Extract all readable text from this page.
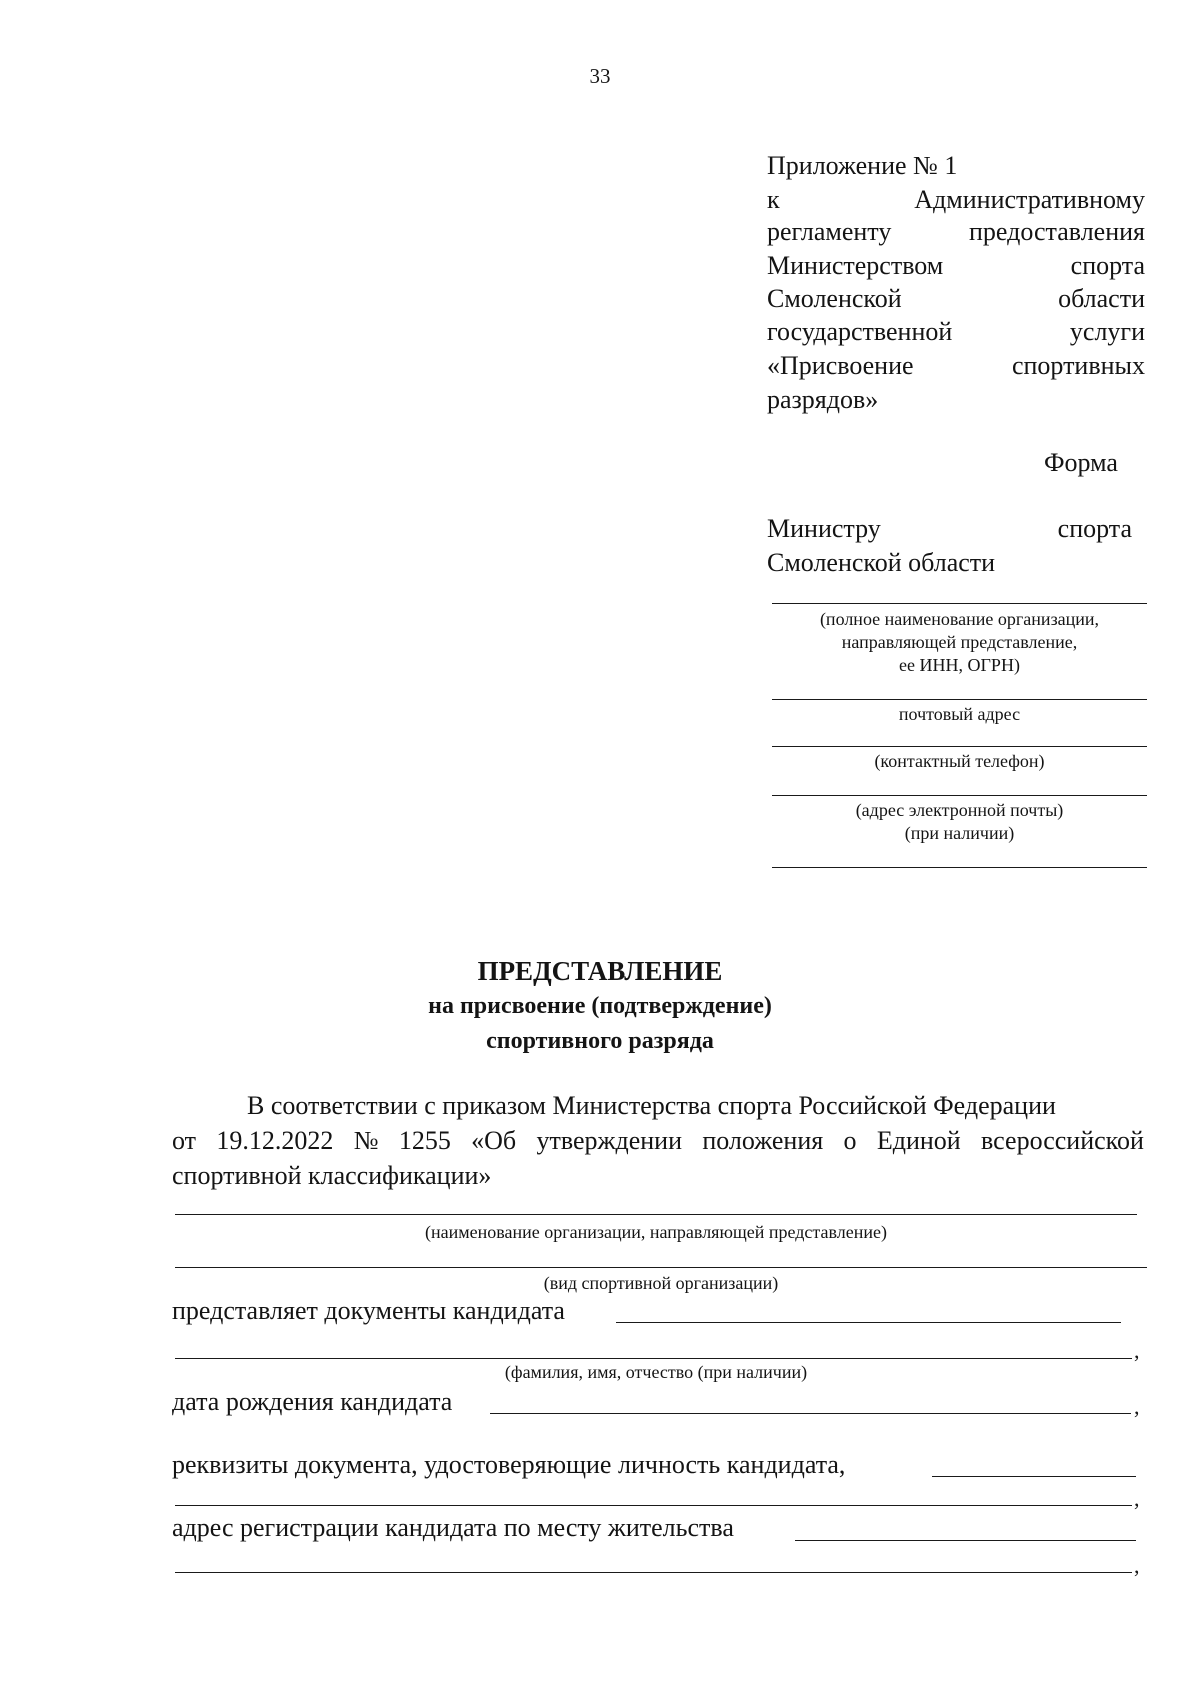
33
Приложение № 1
к	Административному
регламенту	предоставления
Министерством	спорта
Смоленской	области
государственной	услуги
«Присвоение	спортивных
разрядов»
Форма
Министру	спорта
Смоленской области
(полное наименование организации,
направляющей представление,
ее ИНН, ОГРН)
почтовый адрес
(контактный телефон)
(адрес электронной почты)
(при наличии)
ПРЕДСТАВЛЕНИЕ
на присвоение (подтверждение)
спортивного разряда
В соответствии с приказом Министерства спорта Российской Федерации
от 19.12.2022 № 1255 «Об утверждении положения о Единой всероссийской
спортивной классификации»
(наименование организации, направляющей представление)
(вид спортивной организации)
представляет документы кандидата
,
(фамилия, имя, отчество (при наличии)
дата рождения кандидата	,
реквизиты документа, удостоверяющие личность кандидата,
,
адрес регистрации кандидата по месту жительства
,
